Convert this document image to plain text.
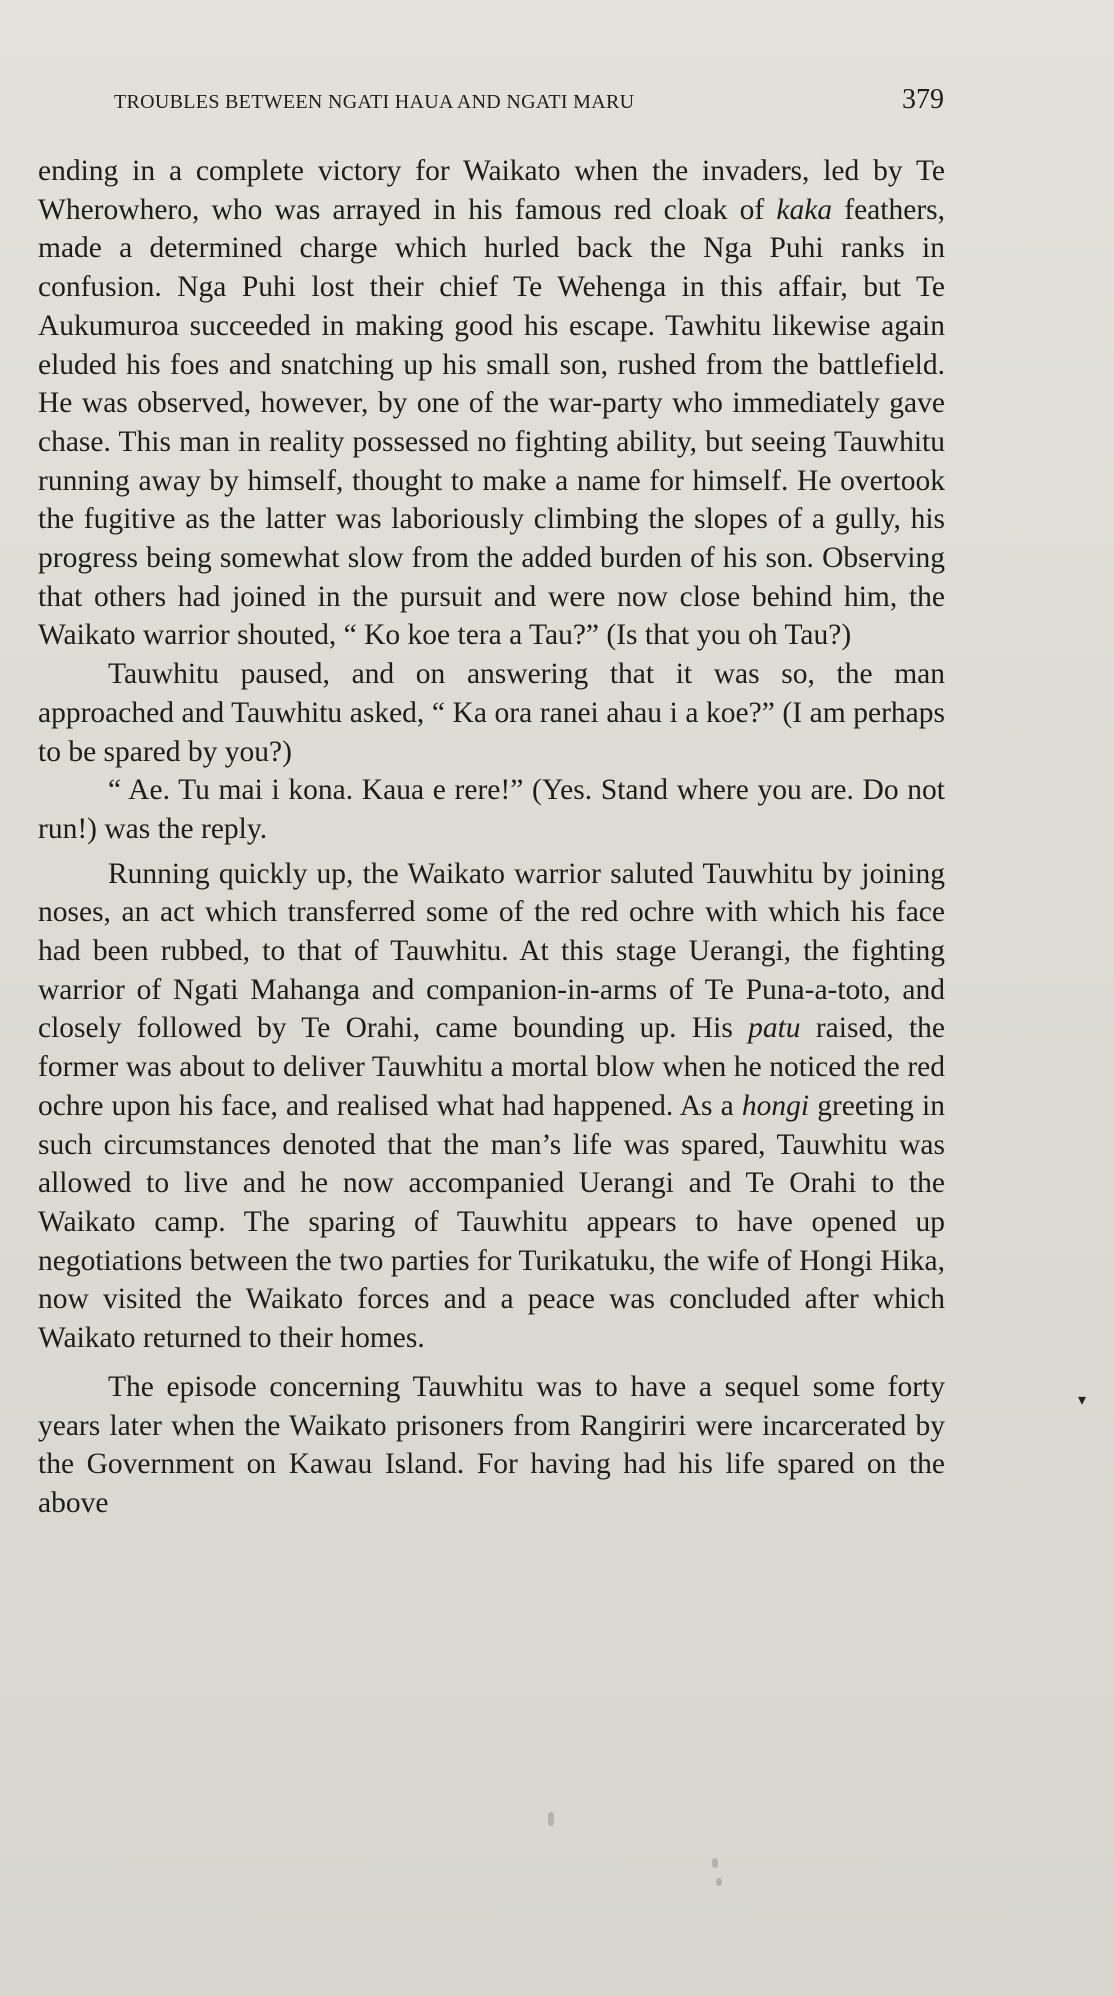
TROUBLES BETWEEN NGATI HAUA AND NGATI MARU	379

ending in a complete victory for Waikato when the invaders, led by Te Wherowhero, who was arrayed in his famous red cloak of kaka feathers, made a determined charge which hurled back the Nga Puhi ranks in confusion. Nga Puhi lost their chief Te Wehenga in this affair, but Te Aukumuroa succeeded in making good his escape. Tawhitu likewise again eluded his foes and snatching up his small son, rushed from the battlefield. He was observed, however, by one of the war-party who immediately gave chase. This man in reality possessed no fighting ability, but seeing Tauwhitu running away by himself, thought to make a name for himself. He overtook the fugitive as the latter was laboriously climbing the slopes of a gully, his progress being somewhat slow from the added burden of his son. Observing that others had joined in the pursuit and were now close behind him, the Waikato warrior shouted, “ Ko koe tera a Tau?” (Is that you oh Tau?)

Tauwhitu paused, and on answering that it was so, the man approached and Tauwhitu asked, “ Ka ora ranei ahau i a koe?” (I am perhaps to be spared by you?)

“ Ae. Tu mai i kona. Kaua e rere!” (Yes. Stand where you are. Do not run!) was the reply.

Running quickly up, the Waikato warrior saluted Tauwhitu by joining noses, an act which transferred some of the red ochre with which his face had been rubbed, to that of Tauwhitu. At this stage Uerangi, the fighting warrior of Ngati Mahanga and companion-in-arms of Te Puna-a-toto, and closely followed by Te Orahi, came bounding up. His patu raised, the former was about to deliver Tauwhitu a mortal blow when he noticed the red ochre upon his face, and realised what had happened. As a hongi greeting in such circumstances denoted that the man’s life was spared, Tauwhitu was allowed to live and he now accompanied Uerangi and Te Orahi to the Waikato camp. The sparing of Tauwhitu appears to have opened up negotiations between the two parties for Turikatuku, the wife of Hongi Hika, now visited the Waikato forces and a peace was concluded after which Waikato returned to their homes.

The episode concerning Tauwhitu was to have a sequel some forty years later when the Waikato prisoners from Rangiriri were incarcerated by the Government on Kawau Island. For having had his life spared on the above

▾
